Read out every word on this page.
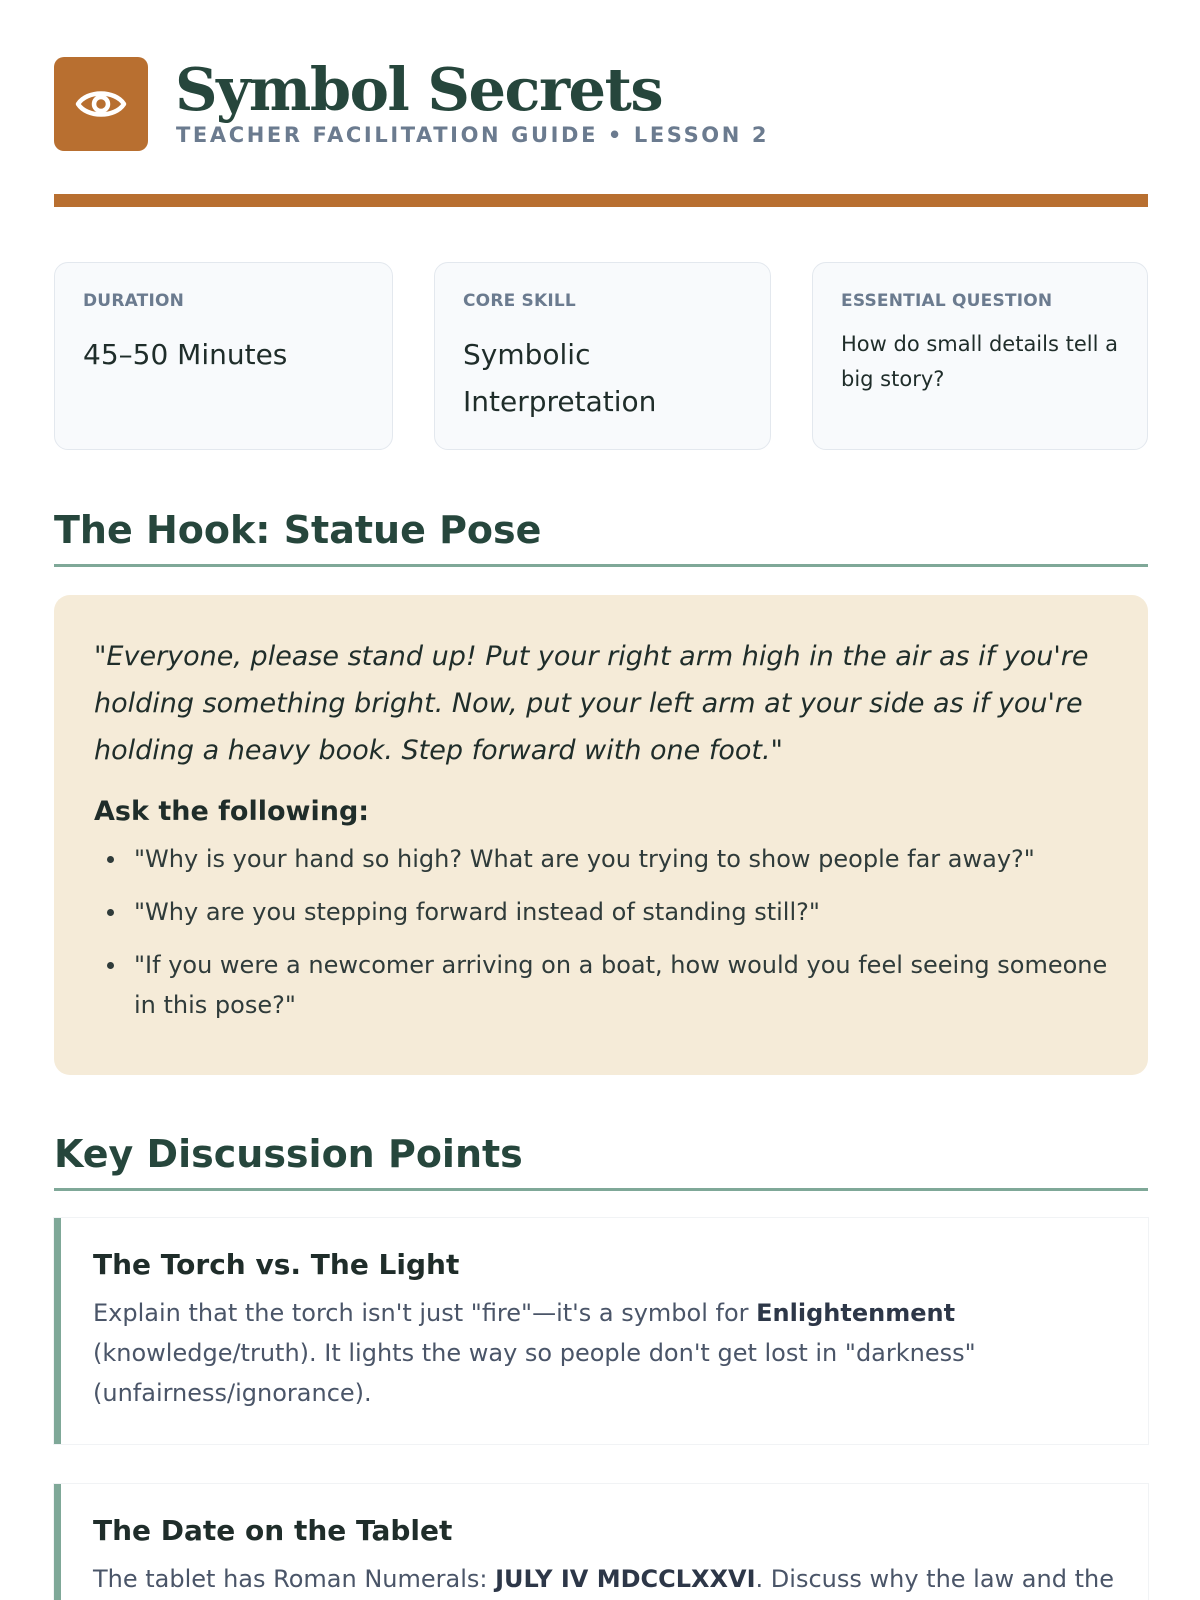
Symbol Secrets
TEACHER FACILITATION GUIDE • LESSON 2
DURATION
45–50 Minutes
CORE SKILL
Symbolic Interpretation
ESSENTIAL QUESTION
How do small details tell a big story?
The Hook: Statue Pose
"Everyone, please stand up! Put your right arm high in the air as if you're holding something bright. Now, put your left arm at your side as if you're holding a heavy book. Step forward with one foot."
Ask the following:
"Why is your hand so high? What are you trying to show people far away?"
"Why are you stepping forward instead of standing still?"
"If you were a newcomer arriving on a boat, how would you feel seeing someone in this pose?"
Key Discussion Points
The Torch vs. The Light
Explain that the torch isn't just "fire"—it's a symbol for Enlightenment (knowledge/truth). It lights the way so people don't get lost in "darkness" (unfairness/ignorance).
The Date on the Tablet
The tablet has Roman Numerals: JULY IV MDCCLXXVI. Discuss why the law and the
